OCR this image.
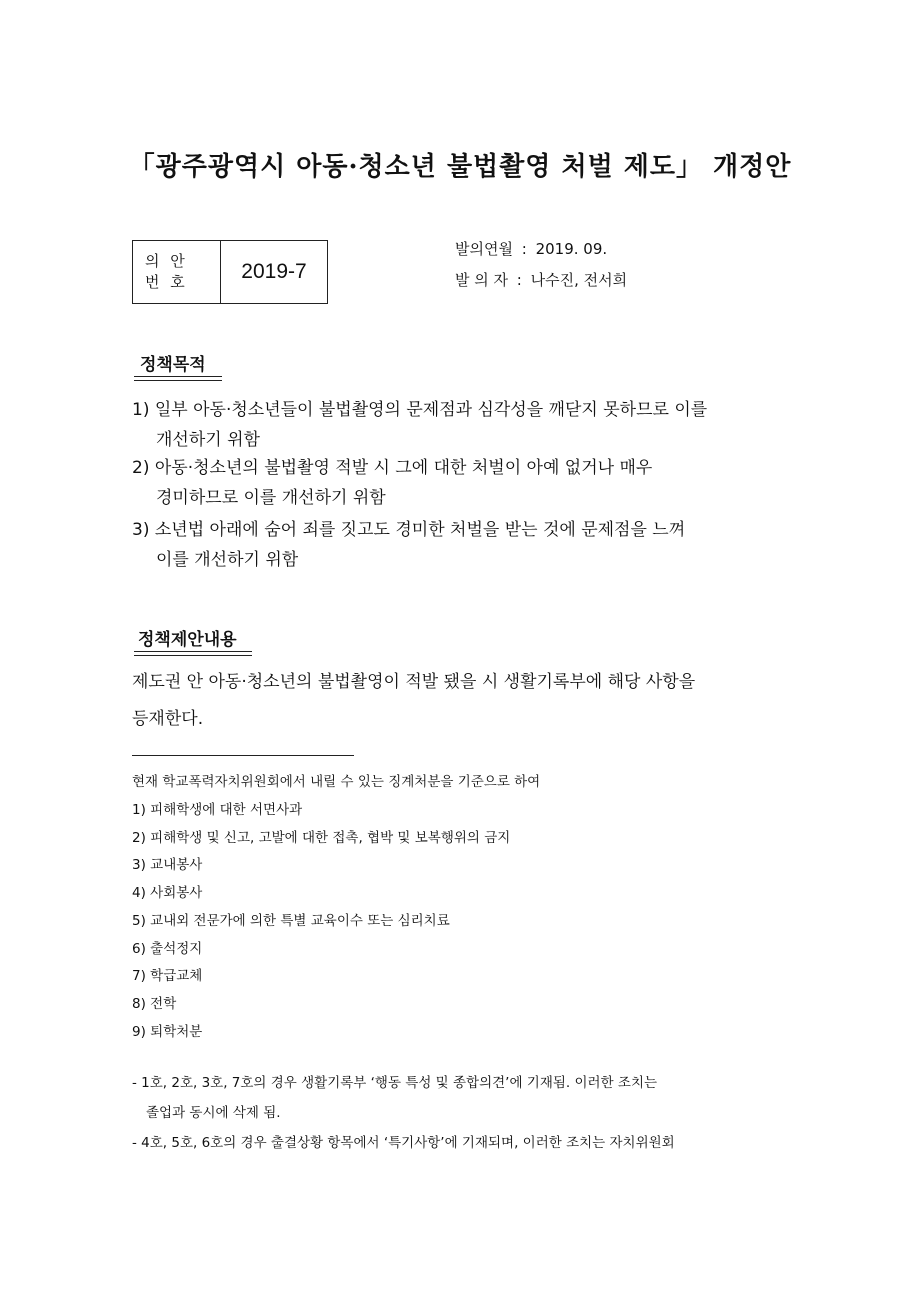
「광주광역시 아동·청소년 불법촬영 처벌 제도」 개정안
의 안
번 호	2019-7
발의연월 : 2019. 09.
발 의 자 : 나수진, 전서희
정책목적
1) 일부 아동·청소년들이 불법촬영의 문제점과 심각성을 깨닫지 못하므로 이를
개선하기 위함
2) 아동·청소년의 불법촬영 적발 시 그에 대한 처벌이 아예 없거나 매우
경미하므로 이를 개선하기 위함
3) 소년법 아래에 숨어 죄를 짓고도 경미한 처벌을 받는 것에 문제점을 느껴
이를 개선하기 위함
정책제안내용
제도권 안 아동·청소년의 불법촬영이 적발 됐을 시 생활기록부에 해당 사항을
등재한다.
현재 학교폭력자치위원회에서 내릴 수 있는 징계처분을 기준으로 하여
1) 피해학생에 대한 서면사과
2) 피해학생 및 신고, 고발에 대한 접촉, 협박 및 보복행위의 금지
3) 교내봉사
4) 사회봉사
5) 교내외 전문가에 의한 특별 교육이수 또는 심리치료
6) 출석정지
7) 학급교체
8) 전학
9) 퇴학처분
- 1호, 2호, 3호, 7호의 경우 생활기록부 ‘행동 특성 및 종합의견’에 기재됨. 이러한 조치는
졸업과 동시에 삭제 됨.
- 4호, 5호, 6호의 경우 출결상황 항목에서 ‘특기사항’에 기재되며, 이러한 조치는 자치위원회
